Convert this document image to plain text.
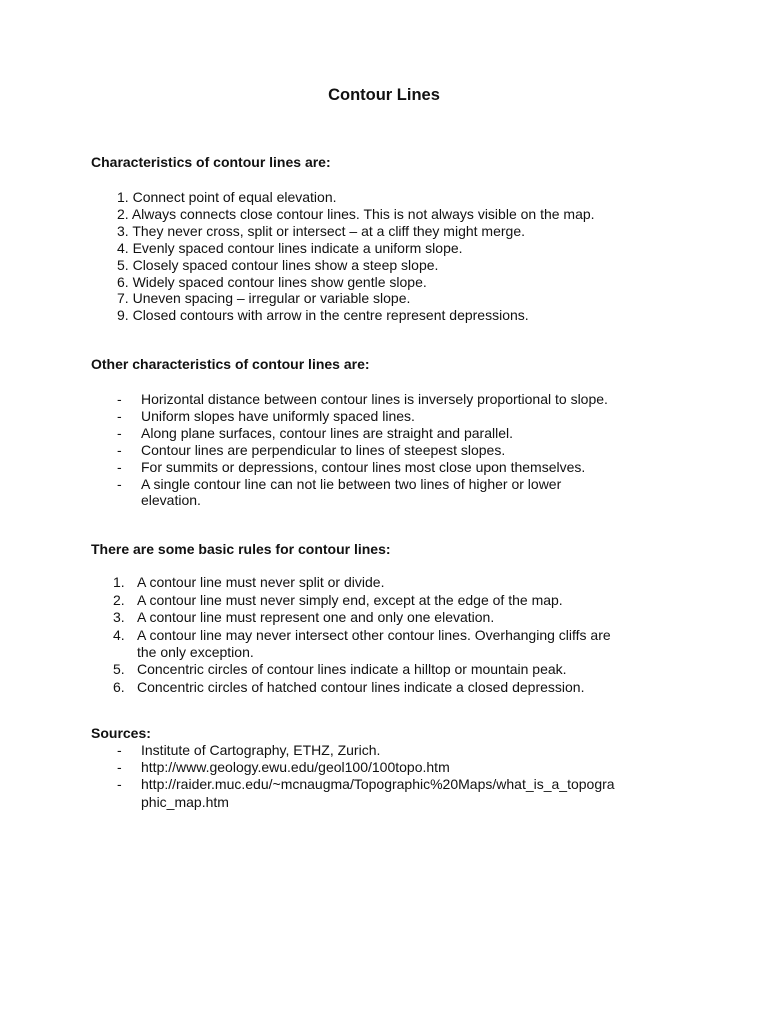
Contour Lines
Characteristics of contour lines are:
1. Connect point of equal elevation.
2. Always connects close contour lines. This is not always visible on the map.
3. They never cross, split or intersect – at a cliff they might merge.
4. Evenly spaced contour lines indicate a uniform slope.
5. Closely spaced contour lines show a steep slope.
6. Widely spaced contour lines show gentle slope.
7. Uneven spacing – irregular or variable slope.
9. Closed contours with arrow in the centre represent depressions.
Other characteristics of contour lines are:
- Horizontal distance between contour lines is inversely proportional to slope.
- Uniform slopes have uniformly spaced lines.
- Along plane surfaces, contour lines are straight and parallel.
- Contour lines are perpendicular to lines of steepest slopes.
- For summits or depressions, contour lines most close upon themselves.
- A single contour line can not lie between two lines of higher or lower
elevation.
There are some basic rules for contour lines:
1. A contour line must never split or divide.
2. A contour line must never simply end, except at the edge of the map.
3. A contour line must represent one and only one elevation.
4. A contour line may never intersect other contour lines. Overhanging cliffs are
the only exception.
5. Concentric circles of contour lines indicate a hilltop or mountain peak.
6. Concentric circles of hatched contour lines indicate a closed depression.
Sources:
- Institute of Cartography, ETHZ, Zurich.
- http://www.geology.ewu.edu/geol100/100topo.htm
- http://raider.muc.edu/~mcnaugma/Topographic%20Maps/what_is_a_topogra
phic_map.htm
